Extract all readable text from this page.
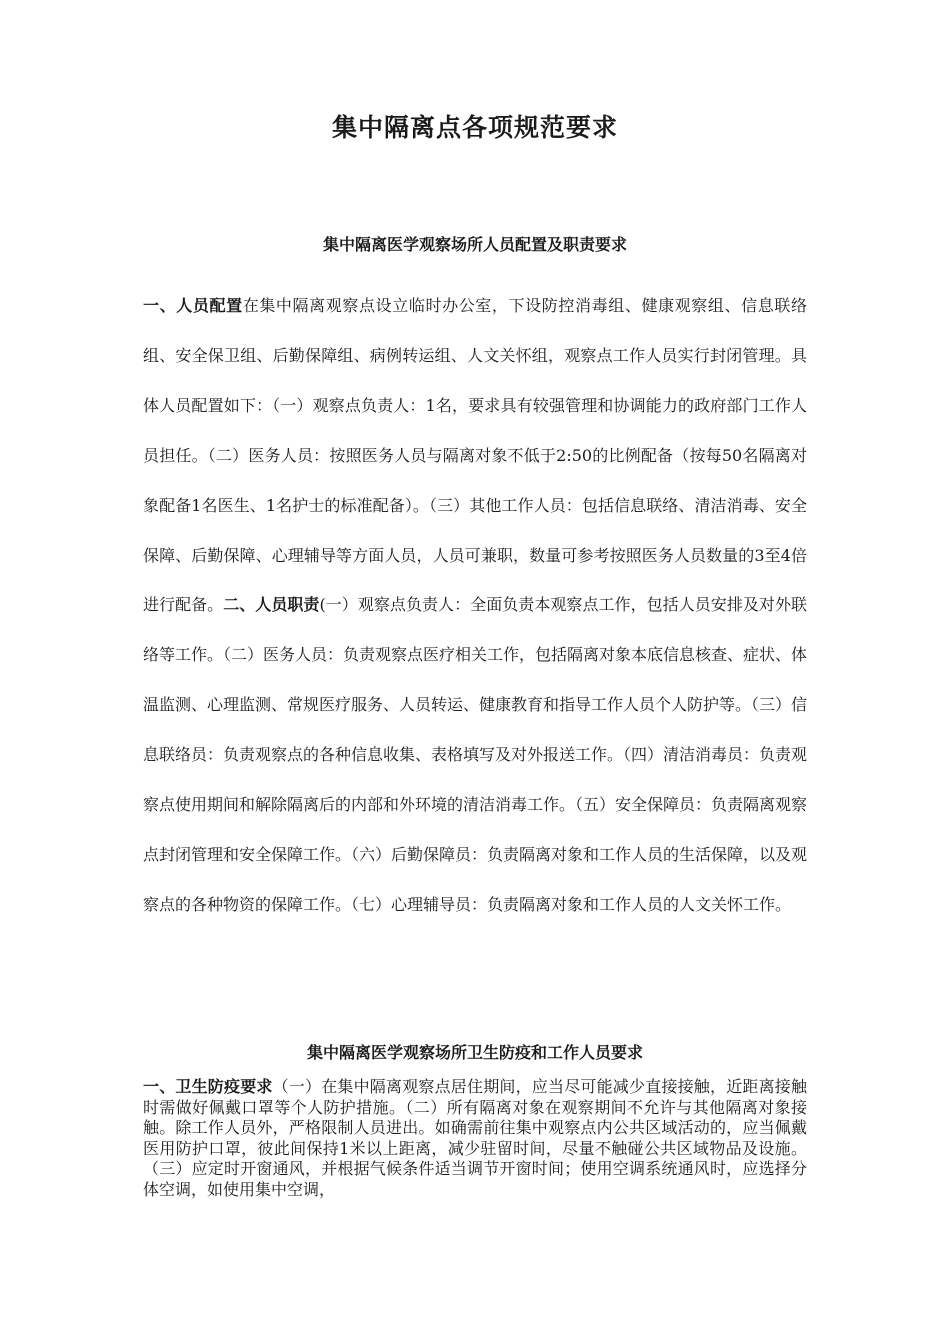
集中隔离点各项规范要求
集中隔离医学观察场所人员配置及职责要求

一、人员配置在集中隔离观察点设立临时办公室，下设防控消毒组、健康观察组、信息联络组、安全保卫组、后勤保障组、病例转运组、人文关怀组，观察点工作人员实行封闭管理。具体人员配置如下：（一）观察点负责人：1名，要求具有较强管理和协调能力的政府部门工作人员担任。（二）医务人员：按照医务人员与隔离对象不低于2:50的比例配备（按每50名隔离对象配备1名医生、1名护士的标准配备）。（三）其他工作人员：包括信息联络、清洁消毒、安全保障、后勤保障、心理辅导等方面人员，人员可兼职，数量可参考按照医务人员数量的3至4倍进行配备。二、人员职责(一）观察点负责人：全面负责本观察点工作，包括人员安排及对外联络等工作。（二）医务人员：负责观察点医疗相关工作，包括隔离对象本底信息核查、症状、体温监测、心理监测、常规医疗服务、人员转运、健康教育和指导工作人员个人防护等。（三）信息联络员：负责观察点的各种信息收集、表格填写及对外报送工作。（四）清洁消毒员：负责观察点使用期间和解除隔离后的内部和外环境的清洁消毒工作。（五）安全保障员：负责隔离观察点封闭管理和安全保障工作。（六）后勤保障员：负责隔离对象和工作人员的生活保障，以及观察点的各种物资的保障工作。（七）心理辅导员：负责隔离对象和工作人员的人文关怀工作。

集中隔离医学观察场所卫生防疫和工作人员要求

一、卫生防疫要求（一）在集中隔离观察点居住期间，应当尽可能减少直接接触，近距离接触时需做好佩戴口罩等个人防护措施。（二）所有隔离对象在观察期间不允许与其他隔离对象接触。除工作人员外，严格限制人员进出。如确需前往集中观察点内公共区域活动的，应当佩戴医用防护口罩，彼此间保持1米以上距离，减少驻留时间，尽量不触碰公共区域物品及设施。（三）应定时开窗通风，并根据气候条件适当调节开窗时间；使用空调系统通风时，应选择分体空调，如使用集中空调，
